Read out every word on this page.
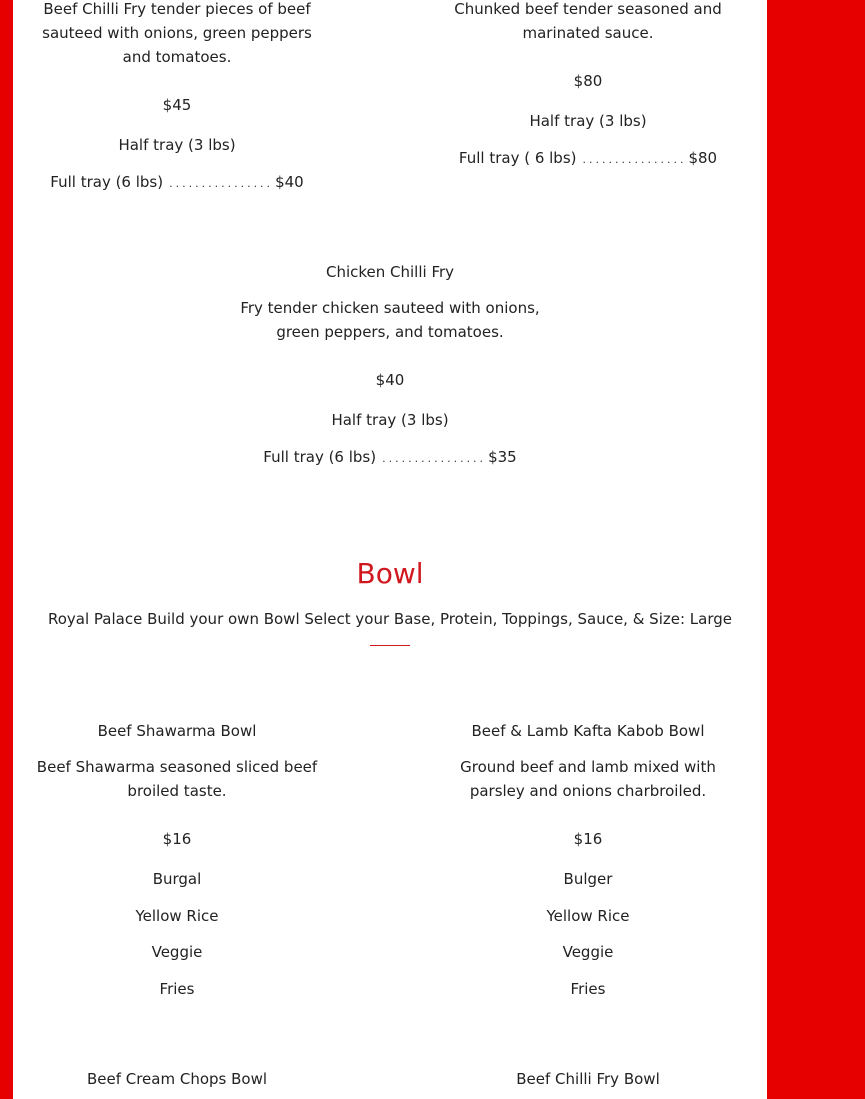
Beef Chilli Fry tender pieces of beef
sauteed with onions, green peppers
and tomatoes.

$45

Half tray (3 lbs)

Full tray (6 lbs) ................ $40

Chunked beef tender seasoned and
marinated sauce.

$80

Half tray (3 lbs)

Full tray ( 6 lbs) ................ $80

Chicken Chilli Fry

Fry tender chicken sauteed with onions,
green peppers, and tomatoes.

$40

Half tray (3 lbs)

Full tray (6 lbs) ................ $35
Bowl
Royal Palace Build your own Bowl Select your Base, Protein, Toppings, Sauce, & Size: Large

Beef Shawarma Bowl

Beef Shawarma seasoned sliced beef
broiled taste.

$16

Burgal

Yellow Rice

Veggie

Fries

Beef & Lamb Kafta Kabob Bowl

Ground beef and lamb mixed with
parsley and onions charbroiled.

$16

Bulger

Yellow Rice

Veggie

Fries

Beef Cream Chops Bowl	Beef Chilli Fry Bowl
